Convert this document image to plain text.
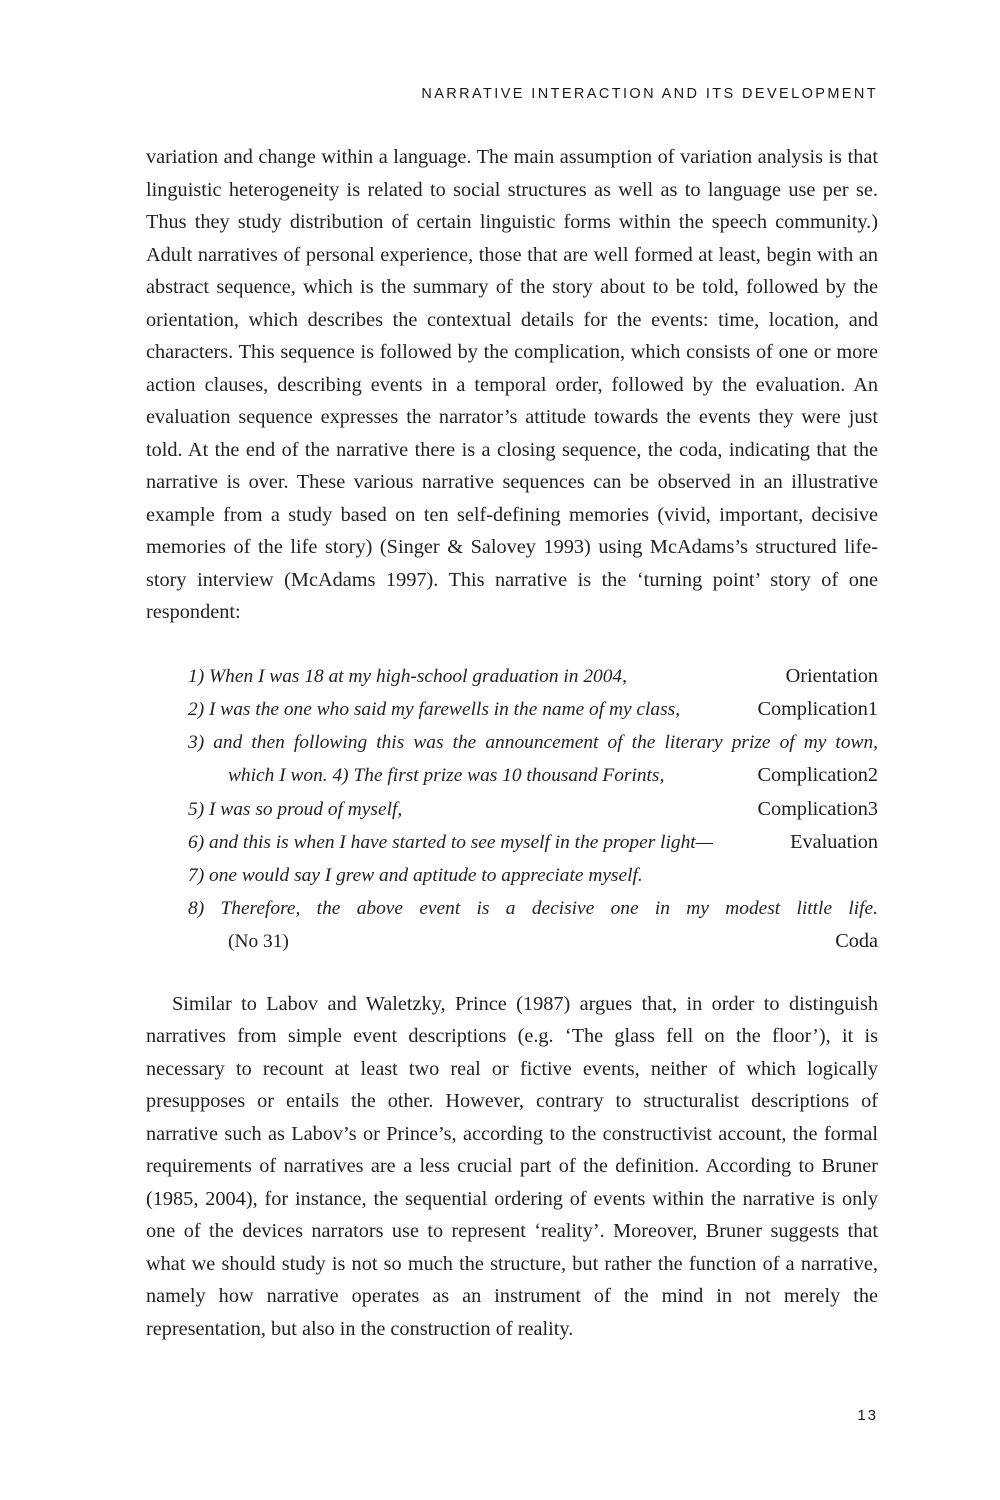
NARRATIVE INTERACTION AND ITS DEVELOPMENT

variation and change within a language. The main assumption of variation analysis is that linguistic heterogeneity is related to social structures as well as to language use per se. Thus they study distribution of certain linguistic forms within the speech community.) Adult narratives of personal experience, those that are well formed at least, begin with an abstract sequence, which is the summary of the story about to be told, followed by the orientation, which describes the contextual details for the events: time, location, and characters. This sequence is followed by the complication, which consists of one or more action clauses, describing events in a temporal order, followed by the evaluation. An evaluation sequence expresses the narrator’s attitude towards the events they were just told. At the end of the narrative there is a closing sequence, the coda, indicating that the narrative is over. These various narrative sequences can be observed in an illustrative example from a study based on ten self-defining memories (vivid, important, decisive memories of the life story) (Singer & Salovey 1993) using McAdams’s structured life-story interview (McAdams 1997). This narrative is the ‘turning point’ story of one respondent:

1) When I was 18 at my high-school graduation in 2004,	Orientation
2) I was the one who said my farewells in the name of my class,	Complication1
3) and then following this was the announcement of the literary prize of my town,
which I won. 4) The first prize was 10 thousand Forints,	Complication2
5) I was so proud of myself,	Complication3
6) and this is when I have started to see myself in the proper light—	Evaluation
7) one would say I grew and aptitude to appreciate myself.
8) Therefore, the above event is a decisive one in my modest little life.
(No 31)	Coda

Similar to Labov and Waletzky, Prince (1987) argues that, in order to distinguish narratives from simple event descriptions (e.g. ‘The glass fell on the floor’), it is necessary to recount at least two real or fictive events, neither of which logically presupposes or entails the other. However, contrary to structuralist descriptions of narrative such as Labov’s or Prince’s, according to the constructivist account, the formal requirements of narratives are a less crucial part of the definition. According to Bruner (1985, 2004), for instance, the sequential ordering of events within the narrative is only one of the devices narrators use to represent ‘reality’. Moreover, Bruner suggests that what we should study is not so much the structure, but rather the function of a narrative, namely how narrative operates as an instrument of the mind in not merely the representation, but also in the construction of reality.

13
